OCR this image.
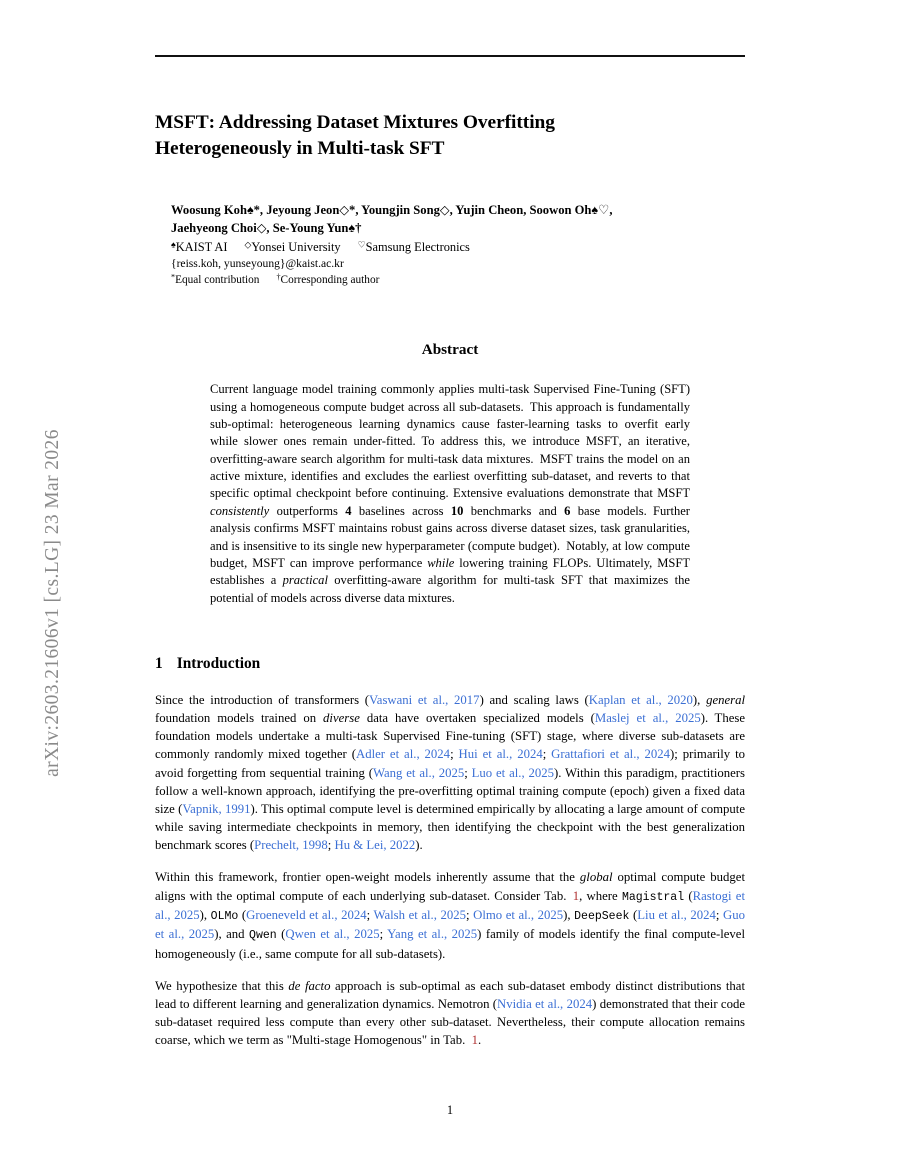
arXiv:2603.21606v1 [cs.LG] 23 Mar 2026
MSFT: Addressing Dataset Mixtures Overfitting
Heterogeneously in Multi-task SFT
Woosung Koh♠*, Jeyoung Jeon◇*, Youngjin Song◇, Yujin Cheon, Soowon Oh♠♡,
Jaehyeong Choi◇, Se-Young Yun♠†
♠KAIST AI ◇Yonsei University ♡Samsung Electronics
{reiss.koh, yunseyoung}@kaist.ac.kr
*Equal contribution †Corresponding author
Abstract
Current language model training commonly applies multi-task Supervised Fine-Tuning (SFT) using a homogeneous compute budget across all sub-datasets. This approach is fundamentally sub-optimal: heterogeneous learning dynamics cause faster-learning tasks to overfit early while slower ones remain under-fitted. To address this, we introduce MSFT, an iterative, overfitting-aware search algorithm for multi-task data mixtures. MSFT trains the model on an active mixture, identifies and excludes the earliest overfitting sub-dataset, and reverts to that specific optimal checkpoint before continuing. Extensive evaluations demonstrate that MSFT consistently outperforms 4 baselines across 10 benchmarks and 6 base models. Further analysis confirms MSFT maintains robust gains across diverse dataset sizes, task granularities, and is insensitive to its single new hyperparameter (compute budget). Notably, at low compute budget, MSFT can improve performance while lowering training FLOPs. Ultimately, MSFT establishes a practical overfitting-aware algorithm for multi-task SFT that maximizes the potential of models across diverse data mixtures.
1 Introduction

Since the introduction of transformers (Vaswani et al., 2017) and scaling laws (Kaplan et al., 2020), general foundation models trained on diverse data have overtaken specialized models (Maslej et al., 2025). These foundation models undertake a multi-task Supervised Fine-tuning (SFT) stage, where diverse sub-datasets are commonly randomly mixed together (Adler et al., 2024; Hui et al., 2024; Grattafiori et al., 2024); primarily to avoid forgetting from sequential training (Wang et al., 2025; Luo et al., 2025). Within this paradigm, practitioners follow a well-known approach, identifying the pre-overfitting optimal training compute (epoch) given a fixed data size (Vapnik, 1991). This optimal compute level is determined empirically by allocating a large amount of compute while saving intermediate checkpoints in memory, then identifying the checkpoint with the best generalization benchmark scores (Prechelt, 1998; Hu & Lei, 2022).

Within this framework, frontier open-weight models inherently assume that the global optimal compute budget aligns with the optimal compute of each underlying sub-dataset. Consider Tab. 1, where Magistral (Rastogi et al., 2025), OLMo (Groeneveld et al., 2024; Walsh et al., 2025; Olmo et al., 2025), DeepSeek (Liu et al., 2024; Guo et al., 2025), and Qwen (Qwen et al., 2025; Yang et al., 2025) family of models identify the final compute-level homogeneously (i.e., same compute for all sub-datasets).

We hypothesize that this de facto approach is sub-optimal as each sub-dataset embody distinct distributions that lead to different learning and generalization dynamics. Nemotron (Nvidia et al., 2024) demonstrated that their code sub-dataset required less compute than every other sub-dataset. Nevertheless, their compute allocation remains coarse, which we term as "Multi-stage Homogenous" in Tab. 1.

1
